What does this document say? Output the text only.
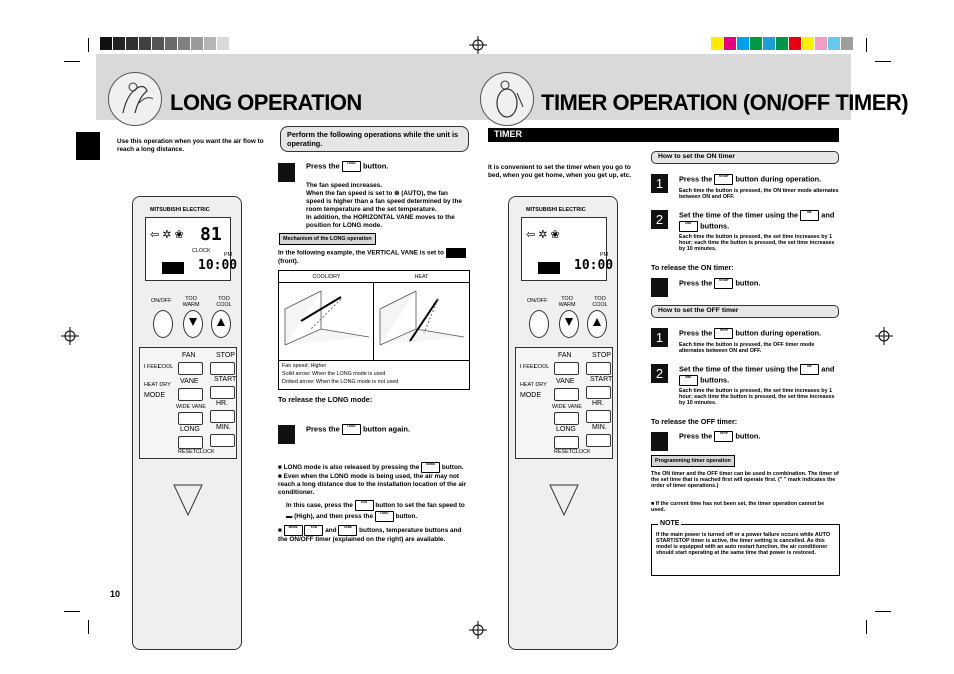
LONG OPERATION	TIMER OPERATION (ON/OFF TIMER)
Use this operation when you want the air flow to reach a long distance.
MITSUBISHI ELECTRIC
⇦ ✲ ❀ 81
CLOCK
PM
10:00
ON/OFF	TOO WARM
TOO COOL
I FEEL
COOL
HEAT DRY
MODE
FAN
VANE
WIDE VANE
LONG
STOP
START
HR.
MIN.
RESET CLOCK
Perform the following operations while the unit is operating.
Press the LONG button.
The fan speed increases.
When the fan speed is set to ⊛ (AUTO), the fan speed is higher than a fan speed determined by the room temperature and the set temperature.
In addition, the HORIZONTAL VANE moves to the position for LONG mode.
Mechanism of the LONG operation
In the following example, the VERTICAL VANE is set to  (front).
COOL/DRY	HEAT
Fan speed: Higher
Solid arrow: When the LONG mode is used
Dotted arrow: When the LONG mode is not used
To release the LONG mode:
Press the LONG button again.
■ LONG mode is also released by pressing the MODE button.
■ Even when the LONG mode is being used, the air may not reach a long distance due to the installation location of the air conditioner.
In this case, press the FAN button to set the fan speed to ▬ (High), and then press the LONG button.
■ MODE	FAN and VANE buttons, temperature buttons and the ON/OFF timer (explained on the right) are available.
10
TIMER
It is convenient to set the timer when you go to bed, when you get home, when you get up, etc.
MITSUBISHI ELECTRIC
⇦ ✲ ❀
PM
10:00
ON/OFF	TOO WARM
TOO COOL
I FEEL
COOL
HEAT DRY
MODE
FAN
VANE
WIDE VANE
LONG
STOP
START
HR.
MIN.
RESET CLOCK
How to set the ON timer
1	Press the START button during operation.
Each time the button is pressed, the ON timer mode alternates between ON and OFF.
2	Set the time of the timer using the	HR. and MIN. buttons.
Each time the button is pressed, the set time increases by 1 hour; each time the button is pressed, the set time increases by 10 minutes.
To release the ON timer:
Press the START button.
How to set the OFF timer
1	Press the	STOP button during operation.
Each time the button is pressed, the OFF timer mode alternates between ON and OFF.
2	Set the time of the timer using the	HR. and MIN. buttons.
Each time the button is pressed, the set time increases by 1 hour; each time the button is pressed, the set time increases by 10 minutes.
To release the OFF timer:
Press the	STOP button.
Programming timer operation
The ON timer and the OFF timer can be used in combination. The timer of the set time that is reached first will operate first. (" " mark indicates the order of timer operations.)
■ If the current time has not been set, the timer operation cannot be used.
NOTE
If the main power is turned off or a power failure occurs while AUTO START/STOP timer is active, the timer setting is cancelled. As this model is equipped with an auto restart function, the air conditioner should start operating at the same time that power is restored.
